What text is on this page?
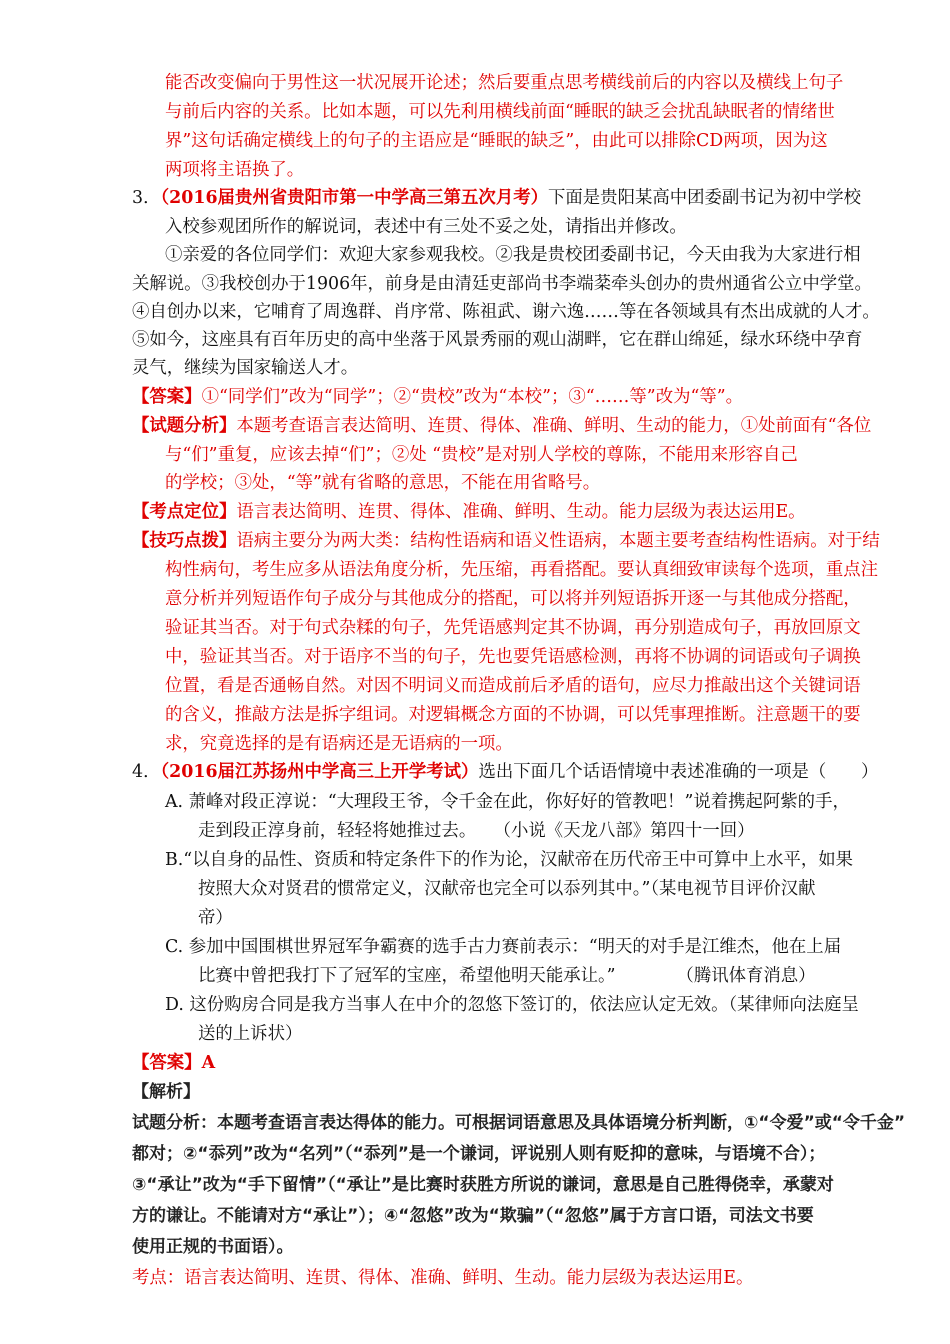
能否改变偏向于男性这一状况展开论述；然后要重点思考横线前后的内容以及横线上句子
与前后内容的关系。比如本题，可以先利用横线前面“睡眠的缺乏会扰乱缺眠者的情绪世
界”这句话确定横线上的句子的主语应是“睡眠的缺乏”，由此可以排除CD两项，因为这
两项将主语换了。
3．（2016届贵州省贵阳市第一中学高三第五次月考）下面是贵阳某高中团委副书记为初中学校
入校参观团所作的解说词，表述中有三处不妥之处，请指出并修改。
①亲爱的各位同学们：欢迎大家参观我校。②我是贵校团委副书记，今天由我为大家进行相
关解说。③我校创办于1906年，前身是由清廷吏部尚书李端棻牵头创办的贵州通省公立中学堂。
④自创办以来，它哺育了周逸群、肖序常、陈祖武、谢六逸……等在各领域具有杰出成就的人才。
⑤如今，这座具有百年历史的高中坐落于风景秀丽的观山湖畔，它在群山绵延，绿水环绕中孕育
灵气，继续为国家输送人才。
【答案】①“同学们”改为“同学”；②“贵校”改为“本校”；③“……等”改为“等”。
【试题分析】本题考查语言表达简明、连贯、得体、准确、鲜明、生动的能力，①处前面有“各位
与“们”重复，应该去掉“们”；②处 “贵校”是对别人学校的尊陈，不能用来形容自己
的学校；③处，“等”就有省略的意思，不能在用省略号。
【考点定位】语言表达简明、连贯、得体、准确、鲜明、生动。能力层级为表达运用E。
【技巧点拨】语病主要分为两大类：结构性语病和语义性语病，本题主要考查结构性语病。对于结
构性病句，考生应多从语法角度分析，先压缩，再看搭配。要认真细致审读每个选项，重点注
意分析并列短语作句子成分与其他成分的搭配，可以将并列短语拆开逐一与其他成分搭配，
验证其当否。对于句式杂糅的句子，先凭语感判定其不协调，再分别造成句子，再放回原文
中，验证其当否。对于语序不当的句子，先也要凭语感检测，再将不协调的词语或句子调换
位置，看是否通畅自然。对因不明词义而造成前后矛盾的语句，应尽力推敲出这个关键词语
的含义，推敲方法是拆字组词。对逻辑概念方面的不协调，可以凭事理推断。注意题干的要
求，究竟选择的是有语病还是无语病的一项。
4．（2016届江苏扬州中学高三上开学考试）选出下面几个话语情境中表述准确的一项是（　　）
A. 萧峰对段正淳说：“大理段王爷，令千金在此，你好好的管教吧！”说着携起阿紫的手，
走到段正淳身前，轻轻将她推过去。　　（小说《天龙八部》第四十一回）
B.“以自身的品性、资质和特定条件下的作为论，汉献帝在历代帝王中可算中上水平，如果
按照大众对贤君的惯常定义，汉献帝也完全可以忝列其中。”（某电视节目评价汉献
帝）
C. 参加中国围棋世界冠军争霸赛的选手古力赛前表示：“明天的对手是江维杰，他在上届
比赛中曾把我打下了冠军的宝座，希望他明天能承让。”　　　　（腾讯体育消息）
D. 这份购房合同是我方当事人在中介的忽悠下签订的，依法应认定无效。（某律师向法庭呈
送的上诉状）
【答案】A
【解析】
试题分析：本题考查语言表达得体的能力。可根据词语意思及具体语境分析判断，①“令爱”或“令千金”
都对；②“忝列”改为“名列”（“忝列”是一个谦词，评说别人则有贬抑的意味，与语境不合）；
③“承让”改为“手下留情”（“承让”是比赛时获胜方所说的谦词，意思是自己胜得侥幸，承蒙对
方的谦让。不能请对方“承让”）；④“忽悠”改为“欺骗”（“忽悠”属于方言口语，司法文书要
使用正规的书面语）。
考点：语言表达简明、连贯、得体、准确、鲜明、生动。能力层级为表达运用E。
